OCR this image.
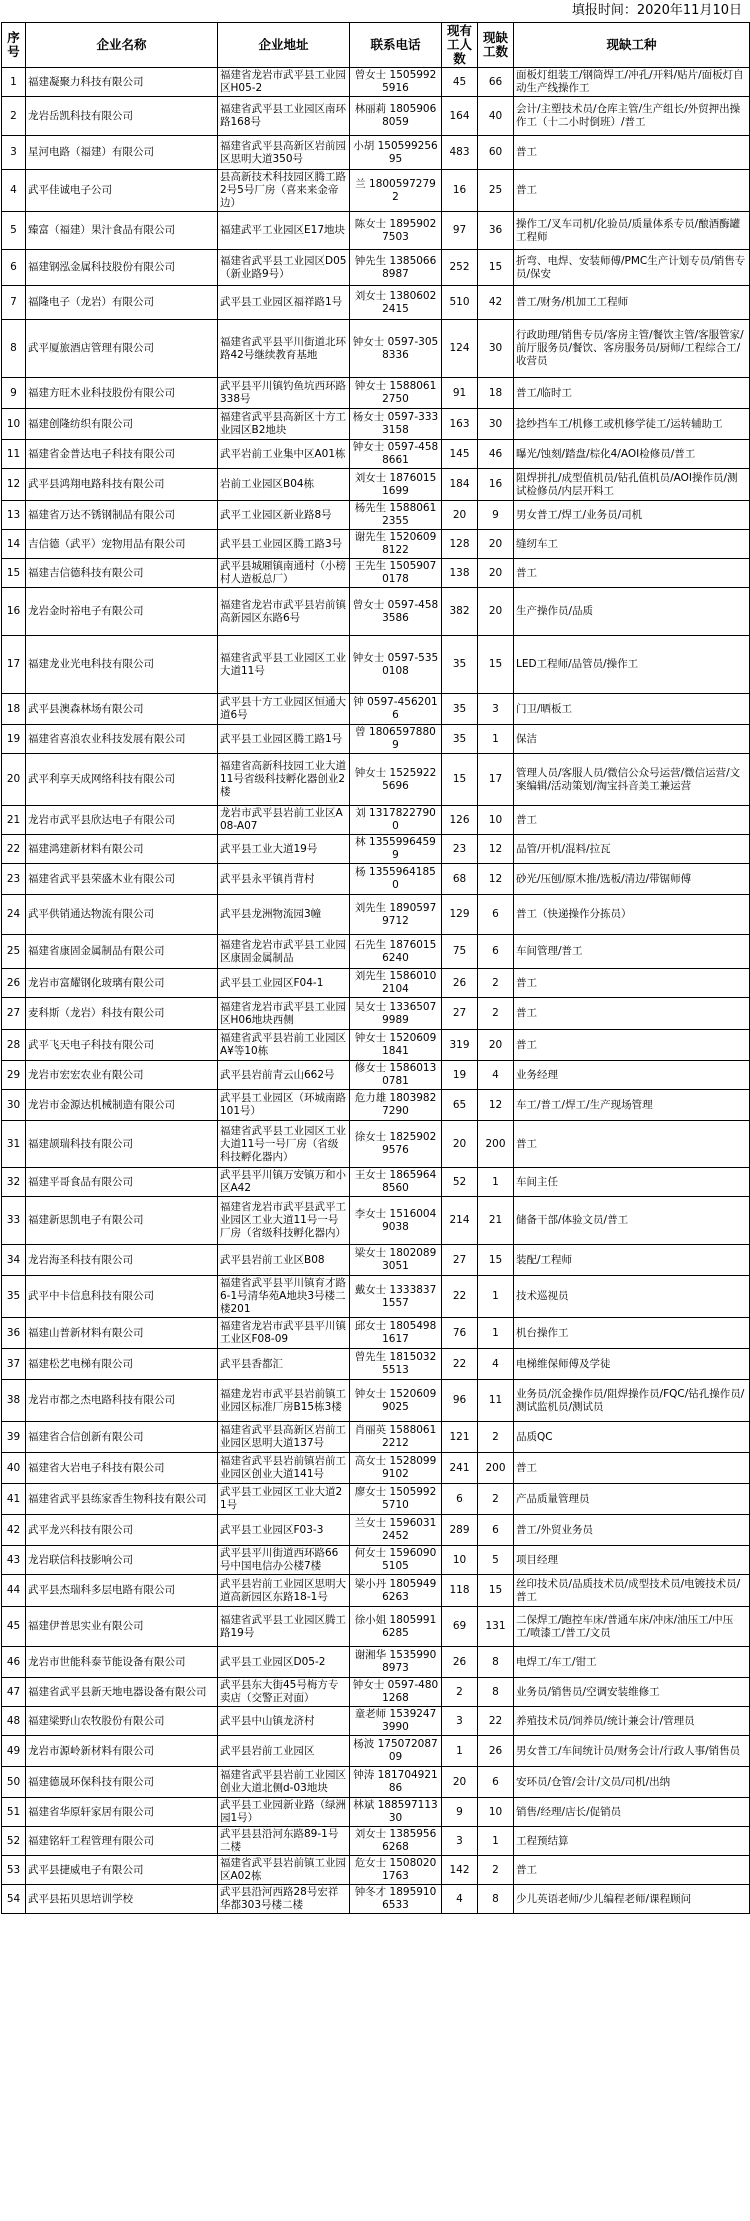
填报时间：2020年11月10日
序号	企业名称	企业地址	联系电话	现有工人数	现缺工数	现缺工种
1	福建凝聚力科技有限公司	福建省龙岩市武平县工业园区H05-2	曾女士 15059925916	45	66	面板灯组装工/钢筒焊工/冲孔/开料/贴片/面板灯自动生产线操作工
2	龙岩岳凯科技有限公司	福建省武平县工业园区南环路168号	林丽莉 18059068059	164	40	会计/主塑技术员/仓库主管/生产组长/外贸押出操作工（十二小时倒班）/普工
3	星河电路（福建）有限公司	福建省武平县高新区岩前园区思明大道350号	小胡 15059925695	483	60	普工
4	武平佳诚电子公司	县高新技术科技园区腾工路2号5号厂房（喜来来金帝边）	兰 18005972792	16	25	普工
5	臻富（福建）果汁食品有限公司	福建武平工业园区E17地块	陈女士 18959027503	97	36	操作工/叉车司机/化验员/质量体系专员/酿酒酶罐工程师
6	福建钢泓金属科技股份有限公司	福建省武平县工业园区D05（新业路9号）	钟先生 13850668987	252	15	折弯、电焊、安装师傅/PMC生产计划专员/销售专员/保安
7	福隆电子（龙岩）有限公司	武平县工业园区福祥路1号	刘女士 13806022415	510	42	普工/财务/机加工工程师
8	武平厦旅酒店管理有限公司	福建省武平县平川街道北环路42号继续教育基地	钟女士 0597-3058336	124	30	行政助理/销售专员/客房主管/餐饮主管/客服管家/前厅服务员/餐饮、客房服务员/厨师/工程综合工/收营员
9	福建方旺木业科技股份有限公司	武平县平川镇钓鱼坑西环路338号	钟女士 15880612750	91	18	普工/临时工
10	福建创隆纺织有限公司	福建省武平县高新区十方工业园区B2地块	杨女士 0597-3333158	163	30	捻纱挡车工/机修工或机修学徒工/运转辅助工
11	福建省金普达电子科技有限公司	武平岩前工业集中区A01栋	钟女士 0597-4588661	145	46	曝光/蚀刻/踏盘/棕化4/AOI检修员/普工
12	武平县鸿翔电路科技有限公司	岩前工业园区B04栋	刘女士 18760151699	184	16	阻焊拼扎/成型值机员/钻孔值机员/AOI操作员/测试检修员/内层开料工
13	福建省万达不锈钢制品有限公司	武平工业园区新业路8号	杨先生 15880612355	20	9	男女普工/焊工/业务员/司机
14	吉信德（武平）宠物用品有限公司	武平县工业园区腾工路3号	谢先生 15206098122	128	20	缝纫车工
15	福建吉信德科技有限公司	武平县城厢镇南通村（小榜村人造板总厂）	王先生 15059070178	138	20	普工
16	龙岩金时裕电子有限公司	福建省龙岩市武平县岩前镇高新园区东路6号	曾女士 0597-4583586	382	20	生产操作员/品质
17	福建龙业光电科技有限公司	福建省武平县工业园区工业大道11号	钟女士 0597-5350108	35	15	LED工程师/品管员/操作工
18	武平县澳森林场有限公司	武平县十方工业园区恒通大道6号	钟 0597-4562016	35	3	门卫/晒板工
19	福建省喜浪农业科技发展有限公司	武平县工业园区腾工路1号	曾 18065978809	35	1	保洁
20	武平利享天成网络科技有限公司	福建省高新科技园工业大道11号省级科技孵化器创业2楼	钟女士 15259225696	15	17	管理人员/客服人员/微信公众号运营/微信运营/文案编辑/活动策划/淘宝抖音美工兼运营
21	龙岩市武平县欣达电子有限公司	龙岩市武平县岩前工业区A08-A07	刘 13178227900	126	10	普工
22	福建鸿建新材料有限公司	武平县工业大道19号	林 13559964599	23	12	品管/开机/混料/拉瓦
23	福建省武平县荣盛木业有限公司	武平县永平镇肖背村	杨 13559641850	68	12	砂光/压刨/原木推/选板/清边/带锯师傅
24	武平供销通达物流有限公司	武平县龙洲物流园3幢	刘先生 18905979712	129	6	普工（快递操作分拣员）
25	福建省康固金属制品有限公司	福建省龙岩市武平县工业园区康固金属制品	石先生 18760156240	75	6	车间管理/普工
26	龙岩市富耀钢化玻璃有限公司	武平县工业园区F04-1	刘先生 15860102104	26	2	普工
27	麦科斯（龙岩）科技有限公司	福建省龙岩市武平县工业园区H06地块西侧	吴女士 13365079989	27	2	普工
28	武平飞天电子科技有限公司	福建省武平县岩前工业园区A¥等10栋	钟女士 15206091841	319	20	普工
29	龙岩市宏宏农业有限公司	武平县岩前青云山662号	修女士 15860130781	19	4	业务经理
30	龙岩市金源达机械制造有限公司	武平县工业园区（环城南路101号）	危力雄 18039827290	65	12	车工/普工/焊工/生产现场管理
31	福建颉瑞科技有限公司	福建省武平县工业园区工业大道11号一号厂房（省级科技孵化器内）	徐女士 18259029576	20	200	普工
32	福建平哥食品有限公司	武平县平川镇万安镇万和小区A42	王女士 18659648560	52	1	车间主任
33	福建新思凯电子有限公司	福建省龙岩市武平县武平工业园区工业大道11号一号厂房（省级科技孵化器内）	李女士 15160049038	214	21	储备干部/体验文员/普工
34	龙岩海圣科技有限公司	武平县岩前工业区B08	梁女士 18020893051	27	15	装配/工程师
35	武平中卡信息科技有限公司	福建省武平县平川镇育才路6-1号清华苑A地块3号楼二楼201	戴女士 13338371557	22	1	技术巡视员
36	福建山普新材料有限公司	福建省龙岩市武平县平川镇工业区F08-09	邱女士 18054981617	76	1	机台操作工
37	福建松艺电梯有限公司	武平县香都汇	曾先生 18150325513	22	4	电梯维保师傅及学徒
38	龙岩市都之杰电路科技有限公司	福建龙岩市武平县岩前镇工业园区标准厂房B15栋3楼	钟女士 15206099025	96	11	业务员/沉金操作员/阻焊操作员/FQC/钻孔操作员/测试监机员/测试员
39	福建省合信创新有限公司	福建省武平县高新区岩前工业园区思明大道137号	肖丽英 15880612212	121	2	品质QC
40	福建省大岩电子科技有限公司	福建省武平县岩前镇岩前工业园区创业大道141号	高女士 15280999102	241	200	普工
41	福建省武平县练家香生物科技有限公司	武平县工业园区工业大道21号	廖女士 15059925710	6	2	产品质量管理员
42	武平龙兴科技有限公司	武平县工业园区F03-3	兰女士 15960312452	289	6	普工/外贸业务员
43	龙岩联信科技影响公司	武平县平川街道西环路66号中国电信办公楼7楼	何女士 15960905105	10	5	项目经理
44	武平县杰瑞科多层电路有限公司	武平县岩前工业园区思明大道高新园区东路18-1号	梁小丹 18059496263	118	15	丝印技术员/品质技术员/成型技术员/电镀技术员/普工
45	福建伊普思实业有限公司	福建省武平县工业园区腾工路19号	徐小姐 18059916285	69	131	二保焊工/跑控车床/普通车床/冲床/油压工/中压工/喷漆工/普工/文员
46	龙岩市世能科泰节能设备有限公司	武平县工业园区D05-2	谢湘华 15359908973	26	8	电焊工/车工/钳工
47	福建省武平县新天地电器设备有限公司	武平县东大街45号梅方专卖店（交警正对面）	钟女士 0597-4801268	2	8	业务员/销售员/空调安装维修工
48	福建梁野山农牧股份有限公司	武平县中山镇龙济村	童老师 15392473990	3	22	养殖技术员/饲养员/统计兼会计/管理员
49	龙岩市源岭新材料有限公司	武平县岩前工业园区	杨波 17507208709	1	26	男女普工/车间统计员/财务会计/行政人事/销售员
50	福建德晟环保科技有限公司	福建省武平县岩前工业园区创业大道北侧d-03地块	钟涛 18170492186	20	6	安环员/仓管/会计/文员/司机/出纳
51	福建省华原轩家居有限公司	武平县工业园新业路（绿洲园1号）	林斌 18859711330	9	10	销售/经理/店长/促销员
52	福建铭轩工程管理有限公司	武平县县沿河东路89-1号二楼	刘女士 13859566268	3	1	工程预结算
53	武平县捷威电子有限公司	福建省武平县岩前镇工业园区A02栋	危女士 15080201763	142	2	普工
54	武平县拓贝思培训学校	武平县沿河西路28号宏祥华都303号楼二楼	钟冬才 18959106533	4	8	少儿英语老师/少儿编程老师/课程顾问
